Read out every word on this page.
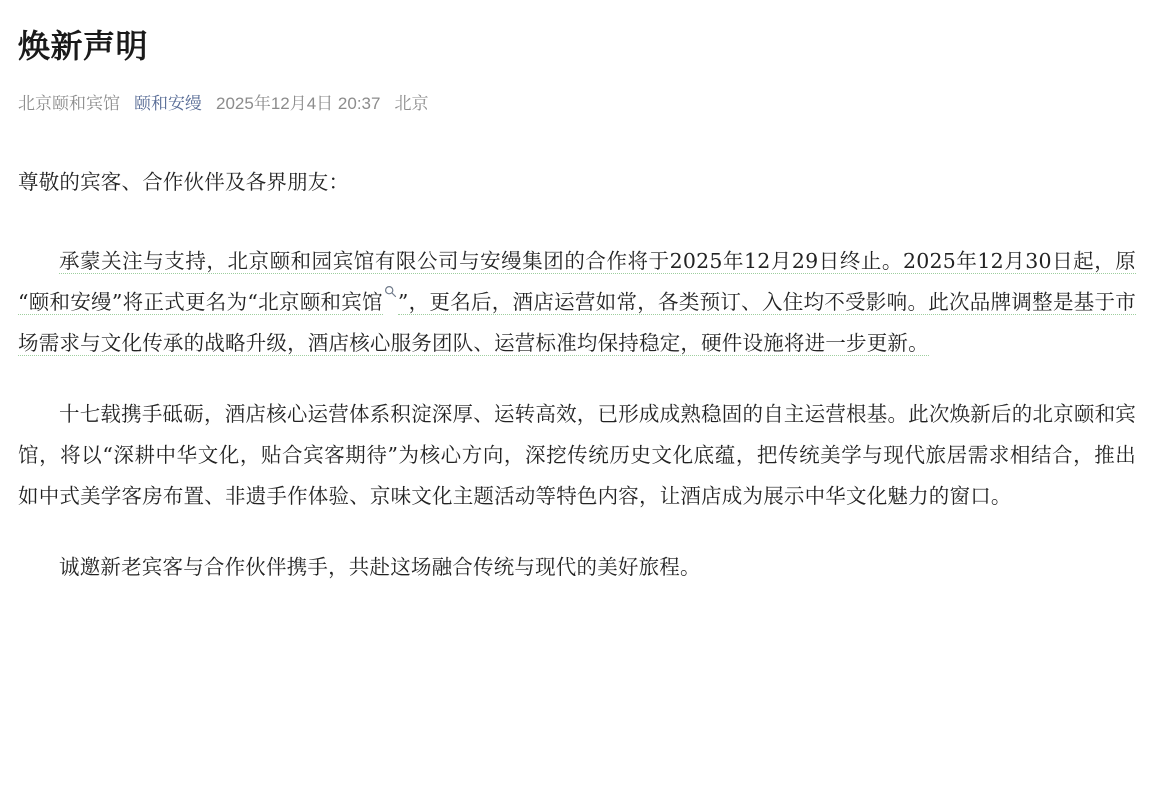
焕新声明
北京颐和宾馆 颐和安缦 2025年12月4日 20:37 北京

尊敬的宾客、合作伙伴及各界朋友：

承蒙关注与支持，北京颐和园宾馆有限公司与安缦集团的合作将于2025年12月29日终止。2025年12月30日起，原“颐和安缦”将正式更名为“北京颐和宾馆 ”，更名后，酒店运营如常，各类预订、入住均不受影响。此次品牌调整是基于市场需求与文化传承的战略升级，酒店核心服务团队、运营标准均保持稳定，硬件设施将进一步更新。

十七载携手砥砺，酒店核心运营体系积淀深厚、运转高效，已形成成熟稳固的自主运营根基。此次焕新后的北京颐和宾馆，将以“深耕中华文化，贴合宾客期待”为核心方向，深挖传统历史文化底蕴，把传统美学与现代旅居需求相结合，推出如中式美学客房布置、非遗手作体验、京味文化主题活动等特色内容，让酒店成为展示中华文化魅力的窗口。

诚邀新老宾客与合作伙伴携手，共赴这场融合传统与现代的美好旅程。
